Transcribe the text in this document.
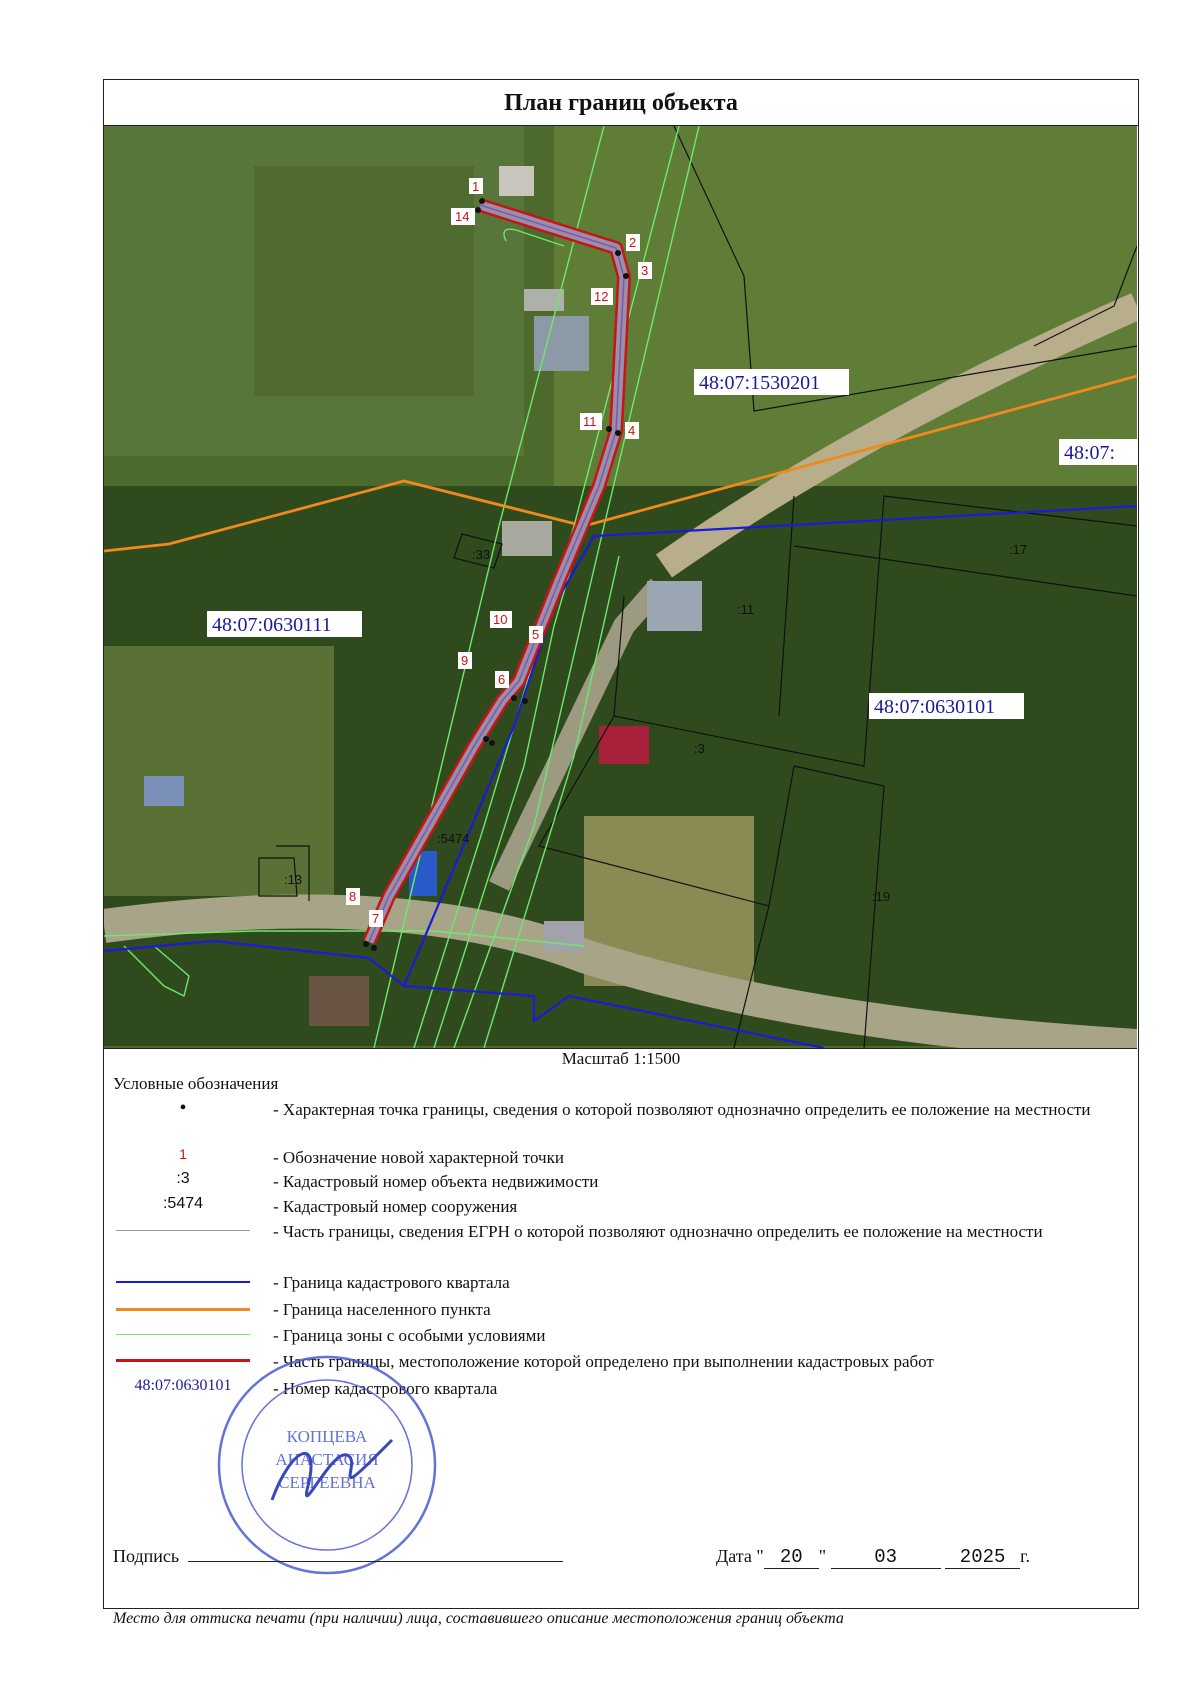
План границ объекта
1
14
2
3
12
11
4
10
5
9
6
8
7
48:07:1530201
48:07:
48:07:0630111
48:07:0630101
:33
:11
:17
:3
:19
:13
:5474
Масштаб 1:1500
Условные обозначения
•	- Характерная точка границы, сведения о которой позволяют однозначно определить ее положение на местности
1	- Обозначение новой характерной точки
:3	- Кадастровый номер объекта недвижимости
:5474	- Кадастровый номер сооружения
- Часть границы, сведения ЕГРН о которой позволяют однозначно определить ее положение на местности
- Граница кадастрового квартала
- Граница населенного пункта
- Граница зоны с особыми условиями
- Часть границы, местоположение которой определено при выполнении кадастровых работ
48:07:0630101	- Номер кадастрового квартала
КОПЦЕВА
АНАСТАСИЯ
СЕРГЕЕВНА
Подпись	Дата " 20 " 03	2025 г.
Место для оттиска печати (при наличии) лица, составившего описание местоположения границ объекта
